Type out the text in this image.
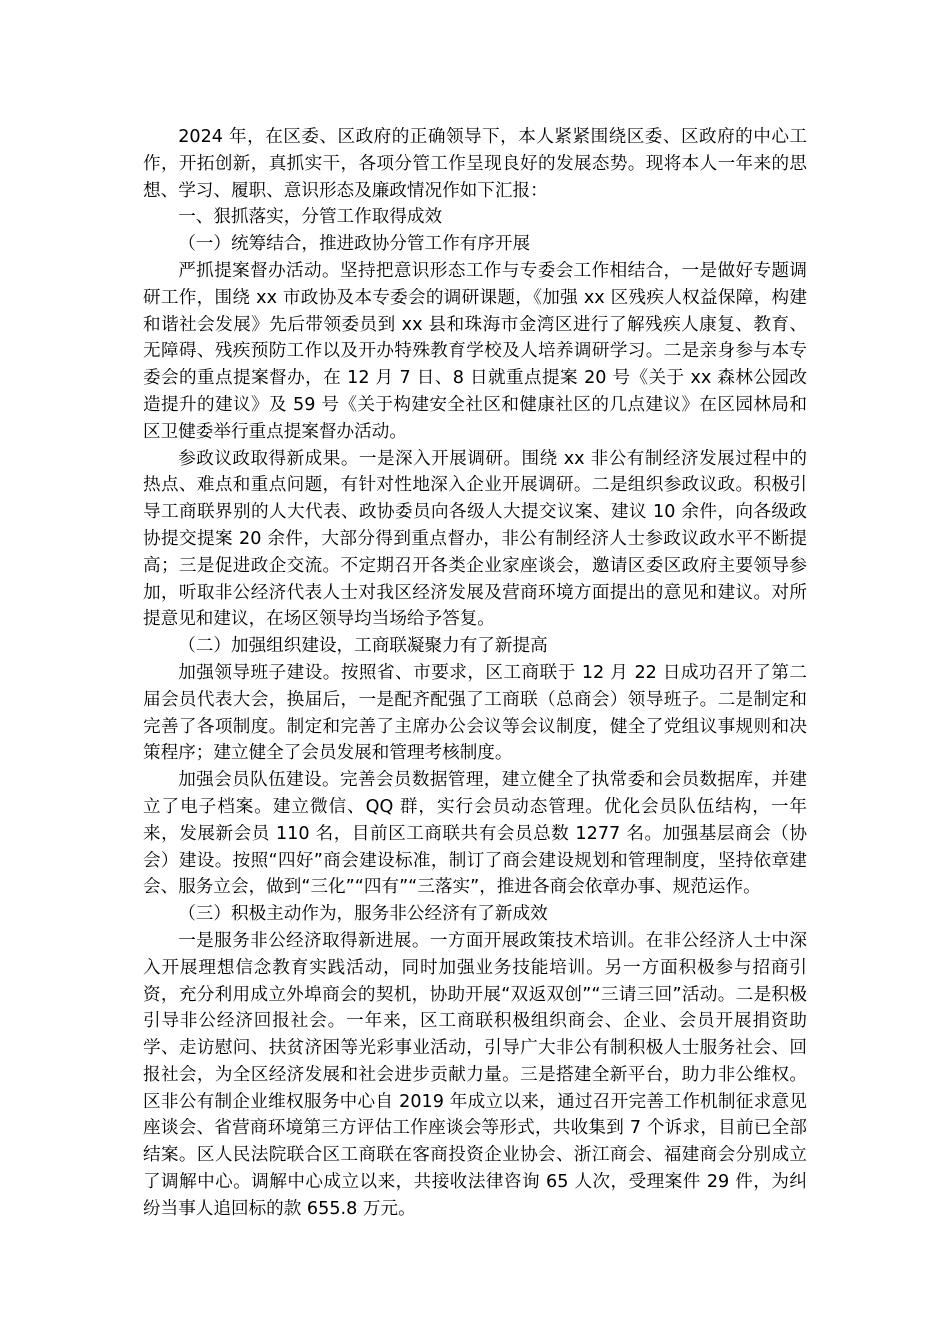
2024 年，在区委、区政府的正确领导下，本人紧紧围绕区委、区政府的中心工作，开拓创新，真抓实干，各项分管工作呈现良好的发展态势。现将本人一年来的思想、学习、履职、意识形态及廉政情况作如下汇报：

一、狠抓落实，分管工作取得成效

（一）统筹结合，推进政协分管工作有序开展

严抓提案督办活动。坚持把意识形态工作与专委会工作相结合，一是做好专题调研工作，围绕 xx 市政协及本专委会的调研课题，《加强 xx 区残疾人权益保障，构建和谐社会发展》先后带领委员到 xx 县和珠海市金湾区进行了解残疾人康复、教育、无障碍、残疾预防工作以及开办特殊教育学校及人培养调研学习。二是亲身参与本专委会的重点提案督办，在 12 月 7 日、8 日就重点提案 20 号《关于 xx 森林公园改造提升的建议》及 59 号《关于构建安全社区和健康社区的几点建议》在区园林局和区卫健委举行重点提案督办活动。

参政议政取得新成果。一是深入开展调研。围绕 xx 非公有制经济发展过程中的热点、难点和重点问题，有针对性地深入企业开展调研。二是组织参政议政。积极引导工商联界别的人大代表、政协委员向各级人大提交议案、建议 10 余件，向各级政协提交提案 20 余件，大部分得到重点督办，非公有制经济人士参政议政水平不断提高；三是促进政企交流。不定期召开各类企业家座谈会，邀请区委区政府主要领导参加，听取非公经济代表人士对我区经济发展及营商环境方面提出的意见和建议。对所提意见和建议，在场区领导均当场给予答复。

（二）加强组织建设，工商联凝聚力有了新提高

加强领导班子建设。按照省、市要求，区工商联于 12 月 22 日成功召开了第二届会员代表大会，换届后，一是配齐配强了工商联（总商会）领导班子。二是制定和完善了各项制度。制定和完善了主席办公会议等会议制度，健全了党组议事规则和决策程序；建立健全了会员发展和管理考核制度。

加强会员队伍建设。完善会员数据管理，建立健全了执常委和会员数据库，并建立了电子档案。建立微信、QQ 群，实行会员动态管理。优化会员队伍结构，一年来，发展新会员 110 名，目前区工商联共有会员总数 1277 名。加强基层商会（协会）建设。按照“四好”商会建设标准，制订了商会建设规划和管理制度，坚持依章建会、服务立会，做到“三化”“四有”“三落实”，推进各商会依章办事、规范运作。

（三）积极主动作为，服务非公经济有了新成效

一是服务非公经济取得新进展。一方面开展政策技术培训。在非公经济人士中深入开展理想信念教育实践活动，同时加强业务技能培训。另一方面积极参与招商引资，充分利用成立外埠商会的契机，协助开展“双返双创”“三请三回”活动。二是积极引导非公经济回报社会。一年来，区工商联积极组织商会、企业、会员开展捐资助学、走访慰问、扶贫济困等光彩事业活动，引导广大非公有制积极人士服务社会、回报社会，为全区经济发展和社会进步贡献力量。三是搭建全新平台，助力非公维权。区非公有制企业维权服务中心自 2019 年成立以来，通过召开完善工作机制征求意见座谈会、省营商环境第三方评估工作座谈会等形式，共收集到 7 个诉求，目前已全部结案。区人民法院联合区工商联在客商投资企业协会、浙江商会、福建商会分别成立了调解中心。调解中心成立以来，共接收法律咨询 65 人次，受理案件 29 件，为纠纷当事人追回标的款 655.8 万元。
